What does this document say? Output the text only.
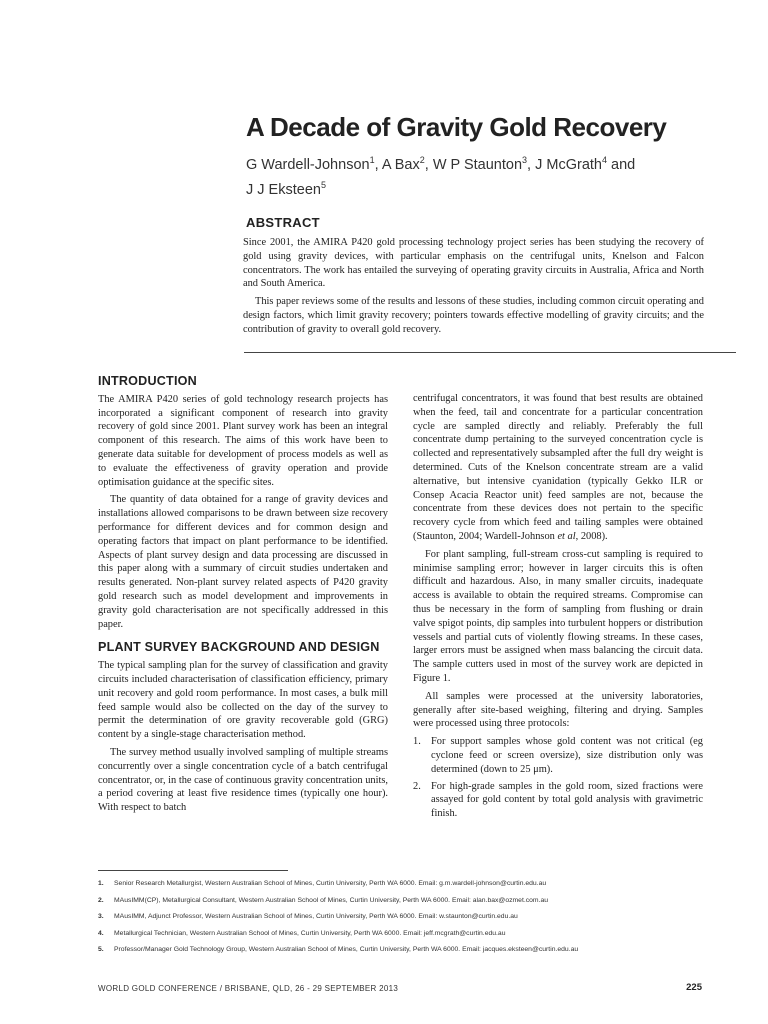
A Decade of Gravity Gold Recovery
G Wardell-Johnson$^1$, A Bax$^2$, W P Staunton$^3$, J McGrath$^4$ and
J J Eksteen$^5$
ABSTRACT

Since 2001, the AMIRA P420 gold processing technology project series has been studying the recovery of gold using gravity devices, with particular emphasis on the centrifugal units, Knelson and Falcon concentrators. The work has entailed the surveying of operating gravity circuits in Australia, Africa and North and South America.

This paper reviews some of the results and lessons of these studies, including common circuit operating and design factors, which limit gravity recovery; pointers towards effective modelling of gravity circuits; and the contribution of gravity to overall gold recovery.

INTRODUCTION

The AMIRA P420 series of gold technology research projects has incorporated a significant component of research into gravity recovery of gold since 2001. Plant survey work has been an integral component of this research. The aims of this work have been to generate data suitable for development of process models as well as to evaluate the effectiveness of gravity operation and provide optimisation guidance at the specific sites.

The quantity of data obtained for a range of gravity devices and installations allowed comparisons to be drawn between size recovery performance for different devices and for common design and operating factors that impact on plant performance to be identified. Aspects of plant survey design and data processing are discussed in this paper along with a summary of circuit studies undertaken and results generated. Non-plant survey related aspects of P420 gravity gold research such as model development and improvements in gravity gold characterisation are not specifically addressed in this paper.

PLANT SURVEY BACKGROUND AND DESIGN

The typical sampling plan for the survey of classification and gravity circuits included characterisation of classification efficiency, primary unit recovery and gold room performance. In most cases, a bulk mill feed sample would also be collected on the day of the survey to permit the determination of ore gravity recoverable gold (GRG) content by a single-stage characterisation method.

The survey method usually involved sampling of multiple streams concurrently over a single concentration cycle of a batch centrifugal concentrator, or, in the case of continuous gravity concentration units, a period covering at least five residence times (typically one hour). With respect to batch

centrifugal concentrators, it was found that best results are obtained when the feed, tail and concentrate for a particular concentration cycle are sampled directly and reliably. Preferably the full concentrate dump pertaining to the surveyed concentration cycle is collected and representatively subsampled after the full dry weight is determined. Cuts of the Knelson concentrate stream are a valid alternative, but intensive cyanidation (typically Gekko ILR or Consep Acacia Reactor unit) feed samples are not, because the concentrate from these devices does not pertain to the specific recovery cycle from which feed and tailing samples were obtained (Staunton, 2004; Wardell-Johnson et al, 2008).

For plant sampling, full-stream cross-cut sampling is required to minimise sampling error; however in larger circuits this is often difficult and hazardous. Also, in many smaller circuits, inadequate access is available to obtain the required streams. Compromise can thus be necessary in the form of sampling from flushing or drain valve spigot points, dip samples into turbulent hoppers or distribution vessels and partial cuts of violently flowing streams. In these cases, larger errors must be assigned when mass balancing the circuit data. The sample cutters used in most of the survey work are depicted in Figure 1.

All samples were processed at the university laboratories, generally after site-based weighing, filtering and drying. Samples were processed using three protocols:

1. For support samples whose gold content was not critical (eg cyclone feed or screen oversize), size distribution only was determined (down to 25 μm).
2. For high-grade samples in the gold room, sized fractions were assayed for gold content by total gold analysis with gravimetric finish.
1. Senior Research Metallurgist, Western Australian School of Mines, Curtin University, Perth WA 6000. Email: g.m.wardell-johnson@curtin.edu.au
2. MAusIMM(CP), Metallurgical Consultant, Western Australian School of Mines, Curtin University, Perth WA 6000. Email: alan.bax@ozmet.com.au
3. MAusIMM, Adjunct Professor, Western Australian School of Mines, Curtin University, Perth WA 6000. Email: w.staunton@curtin.edu.au
4. Metallurgical Technician, Western Australian School of Mines, Curtin University, Perth WA 6000. Email: jeff.mcgrath@curtin.edu.au
5. Professor/Manager Gold Technology Group, Western Australian School of Mines, Curtin University, Perth WA 6000. Email: jacques.eksteen@curtin.edu.au
WORLD GOLD CONFERENCE / BRISBANE, QLD, 26 - 29 SEPTEMBER 2013	225
